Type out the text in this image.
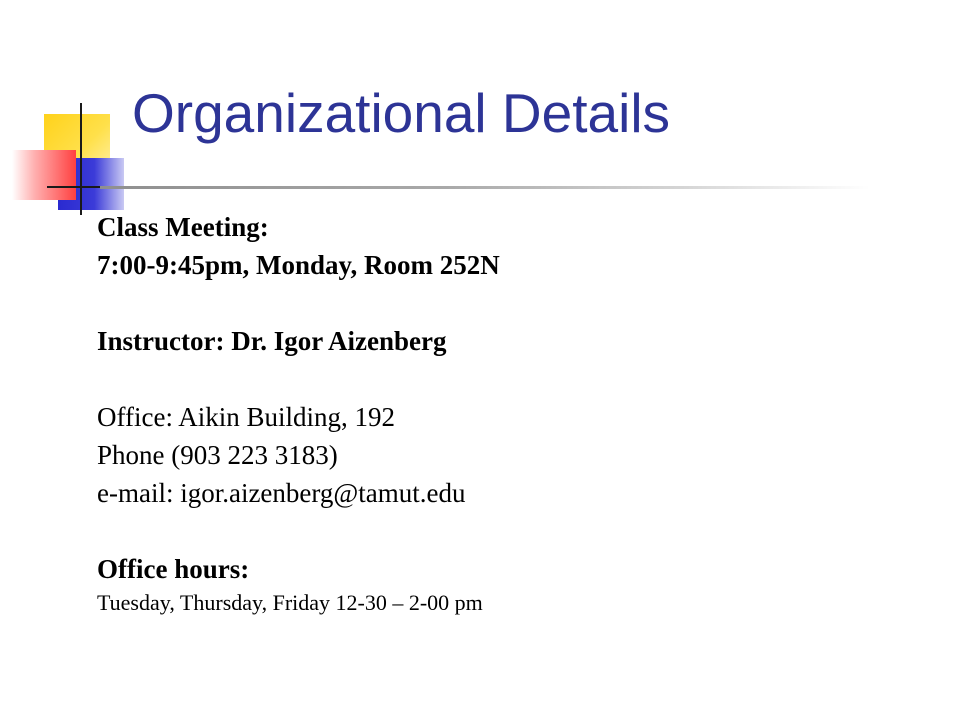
Organizational Details
Class Meeting:
7:00-9:45pm, Monday, Room 252N
Instructor: Dr. Igor Aizenberg
Office: Aikin Building, 192
Phone (903 223 3183)
e-mail: igor.aizenberg@tamut.edu
Office hours:
Tuesday, Thursday, Friday 12-30 – 2-00 pm
